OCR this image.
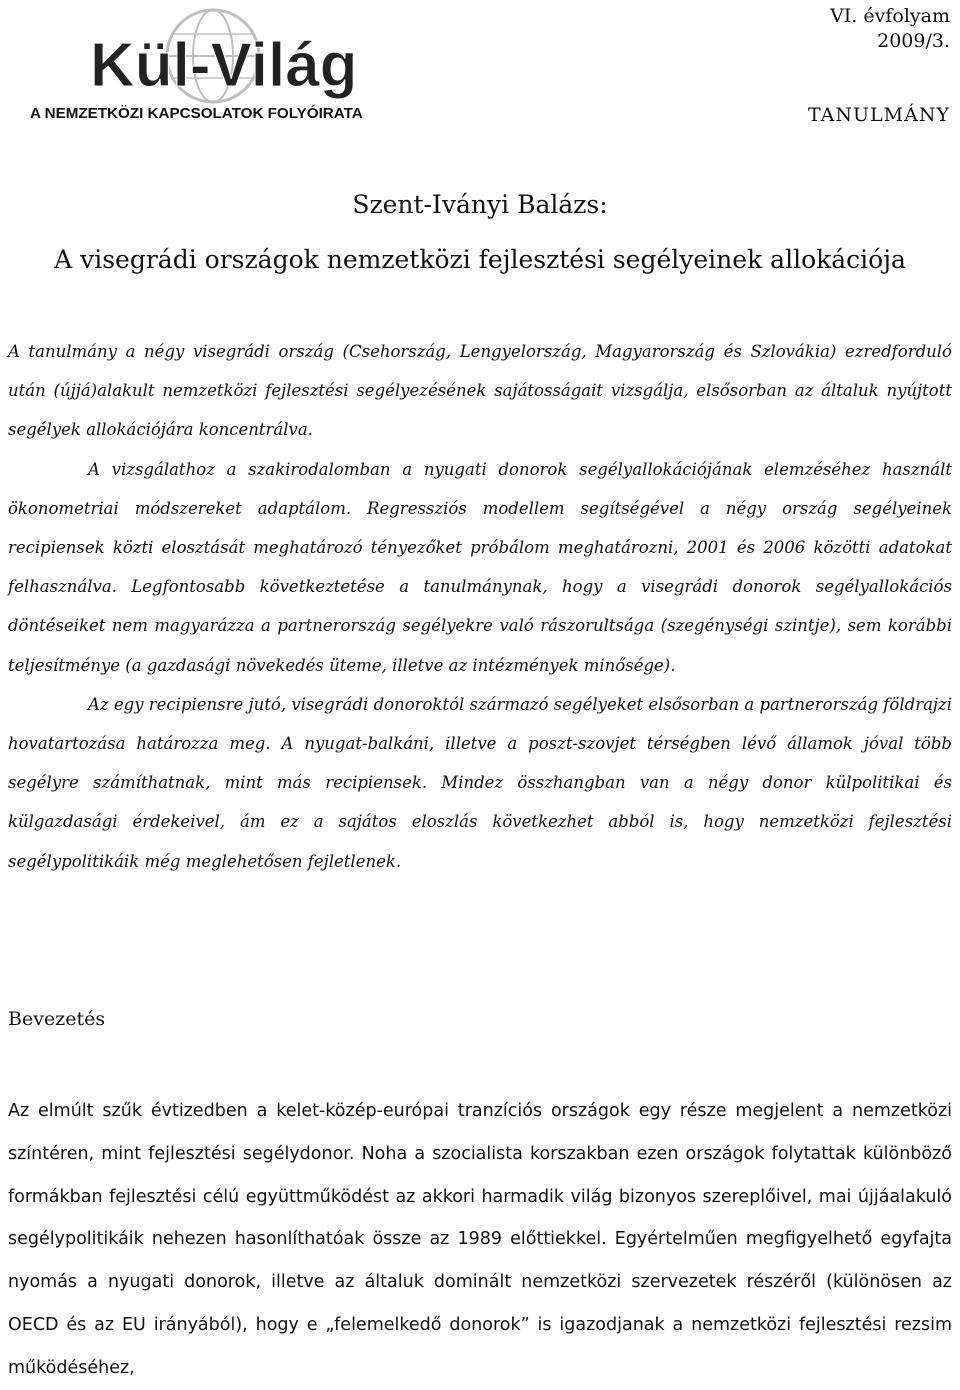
Kül-Világ
A NEMZETKÖZI KAPCSOLATOK FOLYÓIRATA
VI. évfolyam
2009/3.
TANULMÁNY
Szent-Iványi Balázs:
A visegrádi országok nemzetközi fejlesztési segélyeinek allokációja

A tanulmány a négy visegrádi ország (Csehország, Lengyelország, Magyarország és Szlovákia) ezredforduló után (újjá)alakult nemzetközi fejlesztési segélyezésének sajátosságait vizsgálja, elsősorban az általuk nyújtott segélyek allokációjára koncentrálva.

A vizsgálathoz a szakirodalomban a nyugati donorok segélyallokációjának elemzéséhez használt ökonometriai módszereket adaptálom. Regressziós modellem segítségével a négy ország segélyeinek recipiensek közti elosztását meghatározó tényezőket próbálom meghatározni, 2001 és 2006 közötti adatokat felhasználva. Legfontosabb következtetése a tanulmánynak, hogy a visegrádi donorok segélyallokációs döntéseiket nem magyarázza a partnerország segélyekre való rászorultsága (szegénységi szintje), sem korábbi teljesítménye (a gazdasági növekedés üteme, illetve az intézmények minősége).

Az egy recipiensre jutó, visegrádi donoroktól származó segélyeket elsősorban a partnerország földrajzi hovatartozása határozza meg. A nyugat-balkáni, illetve a poszt-szovjet térségben lévő államok jóval több segélyre számíthatnak, mint más recipiensek. Mindez összhangban van a négy donor külpolitikai és külgazdasági érdekeivel, ám ez a sajátos eloszlás következhet abból is, hogy nemzetközi fejlesztési segélypolitikáik még meglehetősen fejletlenek.

Bevezetés

Az elmúlt szűk évtizedben a kelet-közép-európai tranzíciós országok egy része megjelent a nemzetközi színtéren, mint fejlesztési segélydonor. Noha a szocialista korszakban ezen országok folytattak különböző formákban fejlesztési célú együttműködést az akkori harmadik világ bizonyos szereplőivel, mai újjáalakuló segélypolitikáik nehezen hasonlíthatóak össze az 1989 előttiekkel. Egyértelműen megfigyelhető egyfajta nyomás a nyugati donorok, illetve az általuk dominált nemzetközi szervezetek részéről (különösen az OECD és az EU irányából), hogy e „felemelkedő donorok” is igazodjanak a nemzetközi fejlesztési rezsim működéséhez,
